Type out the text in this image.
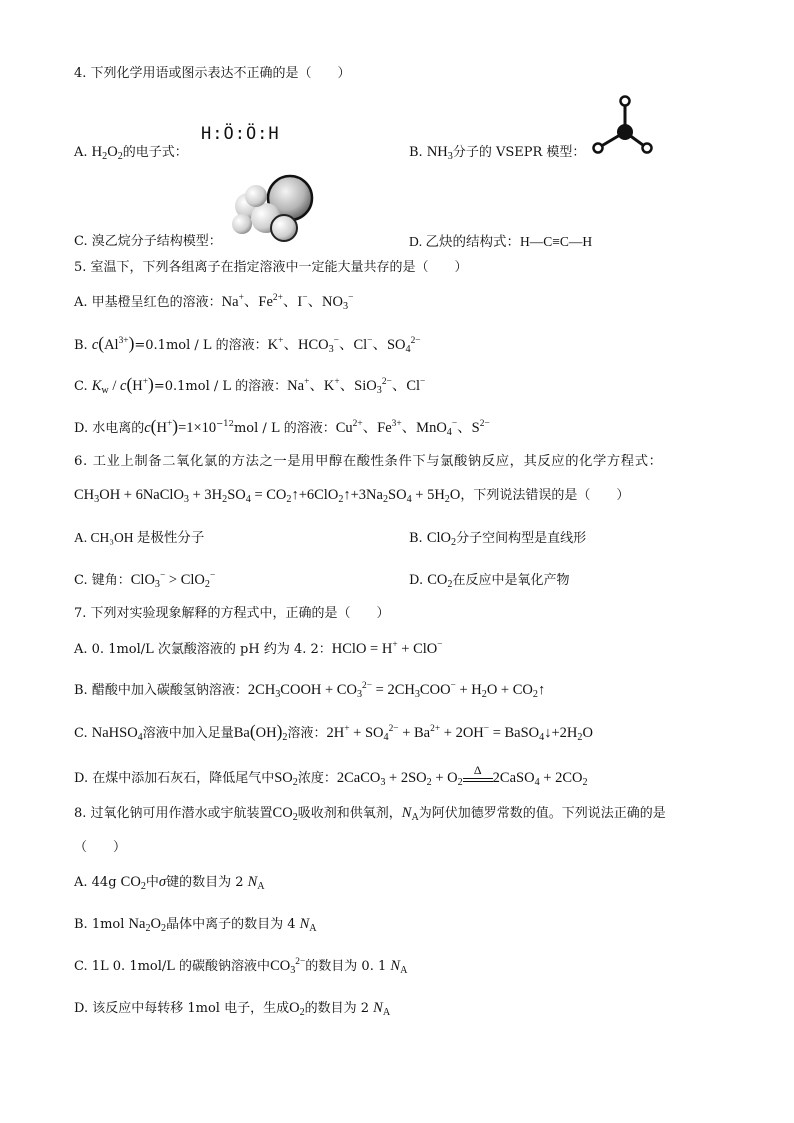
4. 下列化学用语或图示表达不正确的是（　　）
H:Ö:Ö:H
A. $H_2O_2$的电子式：	B. $NH_3$分子的 VSEPR 模型：
C. 溴乙烷分子结构模型：	D. 乙炔的结构式：H—C≡C—H
5. 室温下，下列各组离子在指定溶液中一定能大量共存的是（　　）
A. 甲基橙呈红色的溶液：Na+、$Fe^{2+}$、I−、$NO_3^-$
B. $c(Al^{3+})=0.1mol / L$ 的溶液：K+、$HCO_3^-$、Cl−、$SO_4^{2-}$
C. $K_w / c(H^+)=0.1mol / L$ 的溶液：Na+、K+、SiO$_3^{2-}$、Cl−
D. 水电离的$c(H^+)=1\times 10^{-12}mol / L$ 的溶液：$Cu^{2+}$、$Fe^{3+}$、MnO$_4$−、$S^{2-}$
6. 工业上制备二氧化氯的方法之一是用甲醇在酸性条件下与氯酸钠反应，其反应的化学方程式：
$CH_3OH$ + 6NaClO$_3$ + $3H_2SO_4$ = $CO_2↑+6ClO_2↑+3Na_2SO_4 + 5H_2O$，下列说法错误的是（　　）
A. CH₃OH 是极性分子	B. ClO$_2$分子空间构型是直线形
C. 键角：ClO$_3$− > ClO$_2$−	D. $CO_2$在反应中是氧化产物
7. 下列对实验现象解释的方程式中，正确的是（　　）
A. 0. 1mol/L 次氯酸溶液的 pH 约为 4. 2：HClO = H+ + ClO−
B. 醋酸中加入碳酸氢钠溶液：$2CH_3COOH + CO_3^{2-} = 2CH_3COO^- + H_2O$ + $CO_2↑$
C. NaHSO$_4$溶液中加入足量$Ba(OH)_2$溶液：$2H^+ + SO_4^{2-} + Ba^{2+} + 2OH^-$ = $BaSO_4↓+2H_2O$
D. 在煤中添加石灰石，降低尾气中$SO_2$浓度：2CaCO$_3$ + $2SO_2 + O_2$
Δ 2CaSO$_4$ + $2CO_2$
8. 过氧化钠可用作潜水或宇航装置$CO_2$吸收剂和供氧剂，$N_A$为阿伏加德罗常数的值。下列说法正确的是
（　　）
A. 44g $CO_2$中σ键的数目为 2 $N_A$
B. 1mol $Na_2O_2$晶体中离子的数目为 4 $N_A$
C. 1L 0. 1mol/L 的碳酸钠溶液中$CO_3^{2-}$的数目为 0. 1 $N_A$
D. 该反应中每转移 1mol 电子，生成$O_2$的数目为 2 $N_A$
